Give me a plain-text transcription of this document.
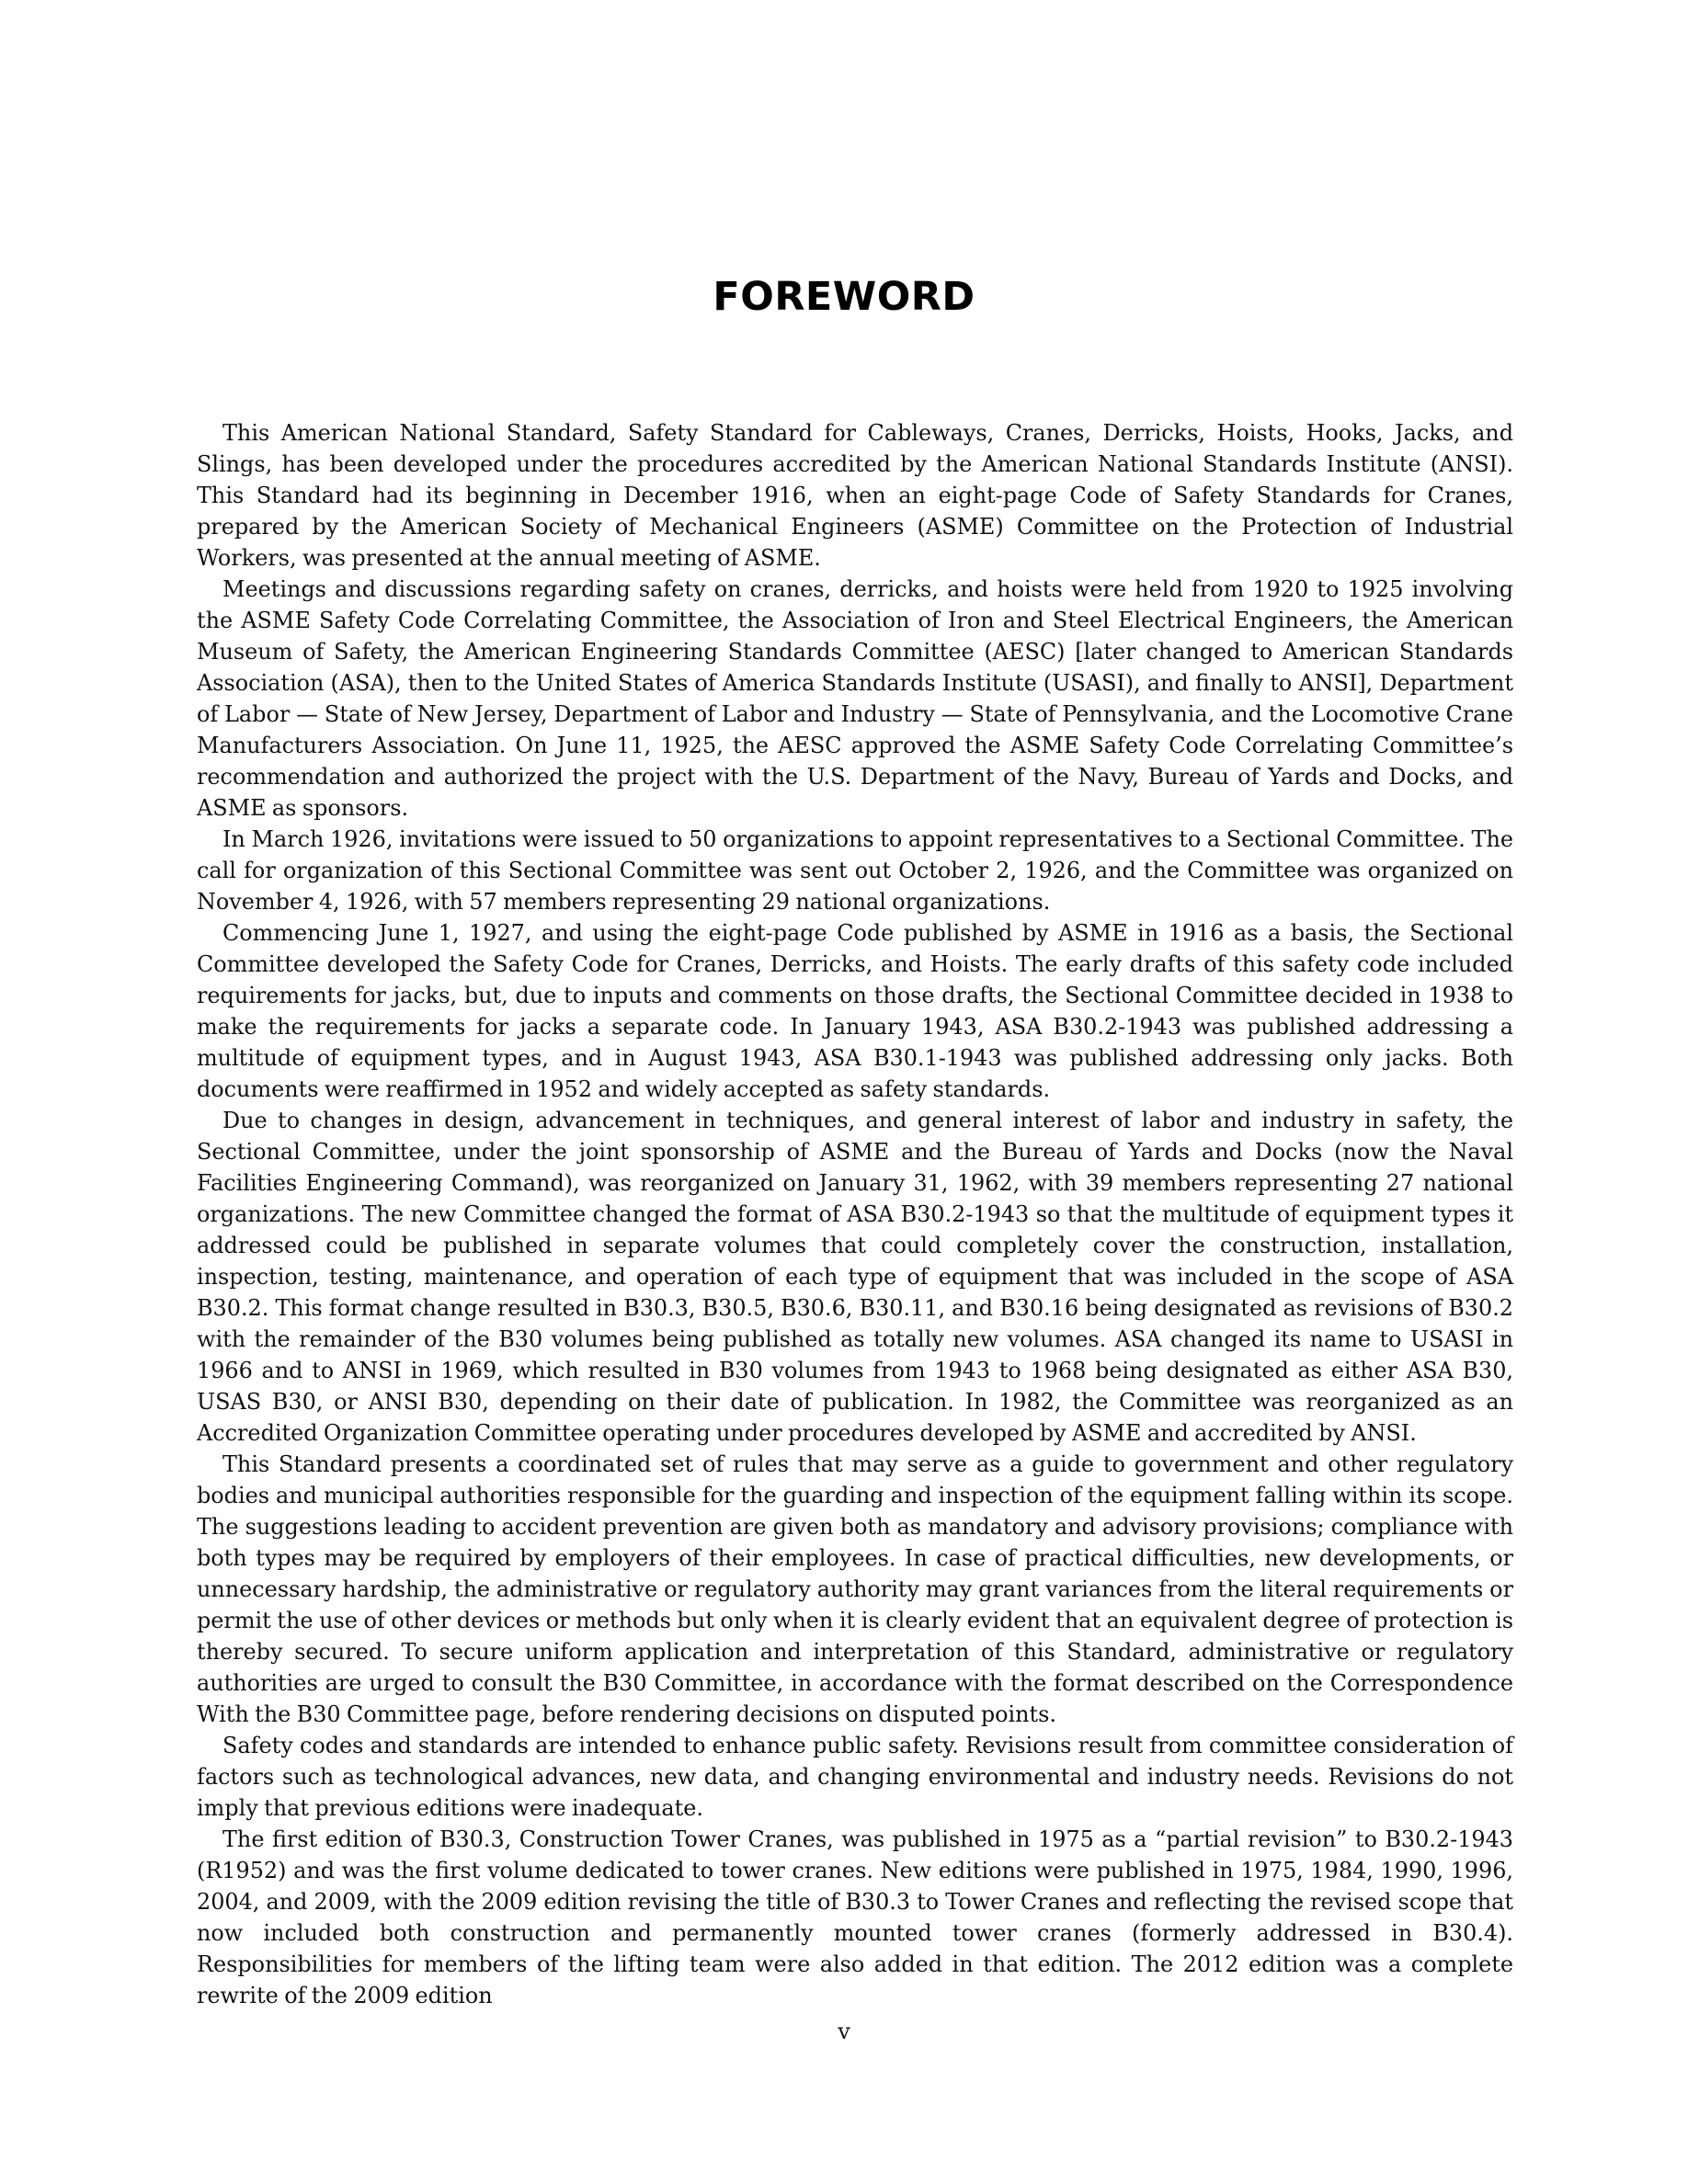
FOREWORD

This American National Standard, Safety Standard for Cableways, Cranes, Derricks, Hoists, Hooks, Jacks, and Slings, has been developed under the procedures accredited by the American National Standards Institute (ANSI). This Standard had its beginning in December 1916, when an eight-page Code of Safety Standards for Cranes, prepared by the American Society of Mechanical Engineers (ASME) Committee on the Protection of Industrial Workers, was presented at the annual meeting of ASME.

Meetings and discussions regarding safety on cranes, derricks, and hoists were held from 1920 to 1925 involving the ASME Safety Code Correlating Committee, the Association of Iron and Steel Electrical Engineers, the American Museum of Safety, the American Engineering Standards Committee (AESC) [later changed to American Standards Association (ASA), then to the United States of America Standards Institute (USASI), and finally to ANSI], Department of Labor — State of New Jersey, Department of Labor and Industry — State of Pennsylvania, and the Locomotive Crane Manufacturers Association. On June 11, 1925, the AESC approved the ASME Safety Code Correlating Committee’s recommendation and authorized the project with the U.S. Department of the Navy, Bureau of Yards and Docks, and ASME as sponsors.

In March 1926, invitations were issued to 50 organizations to appoint representatives to a Sectional Committee. The call for organization of this Sectional Committee was sent out October 2, 1926, and the Committee was organized on November 4, 1926, with 57 members representing 29 national organizations.

Commencing June 1, 1927, and using the eight-page Code published by ASME in 1916 as a basis, the Sectional Committee developed the Safety Code for Cranes, Derricks, and Hoists. The early drafts of this safety code included requirements for jacks, but, due to inputs and comments on those drafts, the Sectional Committee decided in 1938 to make the requirements for jacks a separate code. In January 1943, ASA B30.2-1943 was published addressing a multitude of equipment types, and in August 1943, ASA B30.1-1943 was published addressing only jacks. Both documents were reaffirmed in 1952 and widely accepted as safety standards.

Due to changes in design, advancement in techniques, and general interest of labor and industry in safety, the Sectional Committee, under the joint sponsorship of ASME and the Bureau of Yards and Docks (now the Naval Facilities Engineering Command), was reorganized on January 31, 1962, with 39 members representing 27 national organizations. The new Committee changed the format of ASA B30.2-1943 so that the multitude of equipment types it addressed could be published in separate volumes that could completely cover the construction, installation, inspection, testing, maintenance, and operation of each type of equipment that was included in the scope of ASA B30.2. This format change resulted in B30.3, B30.5, B30.6, B30.11, and B30.16 being designated as revisions of B30.2 with the remainder of the B30 volumes being published as totally new volumes. ASA changed its name to USASI in 1966 and to ANSI in 1969, which resulted in B30 volumes from 1943 to 1968 being designated as either ASA B30, USAS B30, or ANSI B30, depending on their date of publication. In 1982, the Committee was reorganized as an Accredited Organization Committee operating under procedures developed by ASME and accredited by ANSI.

This Standard presents a coordinated set of rules that may serve as a guide to government and other regulatory bodies and municipal authorities responsible for the guarding and inspection of the equipment falling within its scope. The suggestions leading to accident prevention are given both as mandatory and advisory provisions; compliance with both types may be required by employers of their employees. In case of practical difficulties, new developments, or unnecessary hardship, the administrative or regulatory authority may grant variances from the literal requirements or permit the use of other devices or methods but only when it is clearly evident that an equivalent degree of protection is thereby secured. To secure uniform application and interpretation of this Standard, administrative or regulatory authorities are urged to consult the B30 Committee, in accordance with the format described on the Correspondence With the B30 Committee page, before rendering decisions on disputed points.

Safety codes and standards are intended to enhance public safety. Revisions result from committee consideration of factors such as technological advances, new data, and changing environmental and industry needs. Revisions do not imply that previous editions were inadequate.

The first edition of B30.3, Construction Tower Cranes, was published in 1975 as a “partial revision” to B30.2-1943 (R1952) and was the first volume dedicated to tower cranes. New editions were published in 1975, 1984, 1990, 1996, 2004, and 2009, with the 2009 edition revising the title of B30.3 to Tower Cranes and reflecting the revised scope that now included both construction and permanently mounted tower cranes (formerly addressed in B30.4). Responsibilities for members of the lifting team were also added in that edition. The 2012 edition was a complete rewrite of the 2009 edition

v
